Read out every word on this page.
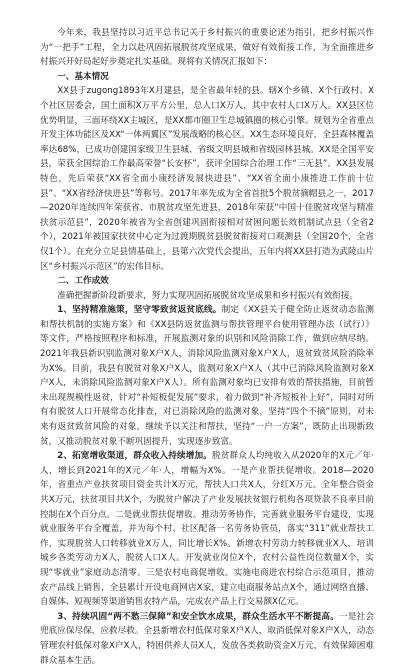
今年来，我县坚持以习近平总书记关于乡村振兴的重要论述为指引，把乡村振兴作为“一把手”工程，全力以赴巩固拓展脱贫攻坚成果，做好有效衔接工作，为全面推进乡村振兴开好局起好步奠定扎实基础。现将有关情况汇报如下：

一、基本情况

XX县于zugong1893年X月建县，是全省最年轻的县。辖X个乡镇、X个行政村、X个社区居委会，国土面积X万平方公里，总人口X万人，其中农村人口X万人。XX县区位优势明显，三面环绕XX主城区，是XX都市圈卫生总城镇圈的核心引擎。规划为全省重点开发主体功能区及XX“一体两翼区”发展战略的核心区。XX生态环境良好，全县森林覆盖率达68%，已成功创建国家级卫生县城、省级文明县城和省级园林县城。XX是全国平安县，荣获全国综治工作最高荣誉“长安杯”，获评全国综合治理工作“三无县”。XX县发展特色，先后荣获“XX省全面小康经济发展快进县”、“XX省全面小康推进工作前十位县”、“XX省经济快进县”等称号。2017年率先成为全省首批5个脱贫摘帽县之一，2017—2020年连续四年荣获省、市脱贫攻坚先进县，2018年荣获“中国十佳脱贫攻坚与精准扶贫示范县”，2020年被省为全省创建巩固衔接相对贫困问题长效机制试点县（全省2个），2021年被国家扶贫中心定为过渡期脱贫县脱贫衔接对口观测县（全国20个，全省仅1个）。在充分立足县情基础上，县第六次党代会提出，五年内将XX县打造为武陵山片区“乡村振兴示范区”的宏伟目标。

二、工作成效

准确把握新阶段新要求，努力实现巩固拓展脱贫攻坚成果和乡村振兴有效衔接。

1、坚持精准施策，坚守零致贫返贫底线。制定《XX县关于健全防止返贫动态监测和帮扶机制的实施方案》和《XX县防返贫监测与帮扶管理平台使用管理办法（试行）》等文件，严格按照程序和标准，开展监测对象的识别和风险消除工作，做到应纳尽纳。2021年我县新识别监测对象X户X人，消除风险监测对象X户X人，返贫致贫风险消除率为X%。目前，我县有脱贫对象X户X人，监测对象X户X人（其中已消除风险监测对象X户X人，未消除风险监测对象X户X人）。所有监测对象均已安排有效的帮扶措施，目前暂未出现规模性返贫，针对“补短板促发展”要求，着力做到“补齐短板补上好”，同时对所有有脱贫人口开展常态化排查，对已消除风险的监测对象，坚持“四个不摘”原则，对未来有返贫致贫风险的对象，继续予以关注和帮扶，坚持“一户一方案”，既防止出现新致贫，又推动脱贫对象不断巩固提升，实现逐步致富。

2、拓宽增收渠道，群众收入持续增加。脱贫群众人均纯收入从2020年的X元／年·人，增长到2021年的X元／年·人，增幅为X%。一是产业帮扶促增收。2018—2020年，省重点产业扶贫项目资金共计X万元，帮扶人口共X人，分红X万元。全年整合资金共X万元，扶贫项目共X个，为脱贫户解决了产业发展扶贫银行机构各项贷款不良率目前控制在X个百分点。二是就业帮扶促增收。推动劳务协作，完善就业服务平台建设，实现就业服务平台全覆盖，并为每个村、社区配备一名劳务协管员，落实“311”就业帮扶工作，实现脱贫人口转移就业X万人，同比增长X%。新增农村劳动力转移就业X人，培训城乡各类劳动力X人，脱贫人口X人。开发就业岗位X个，农村公益性岗位数量X个，实现“零就业”家庭动态清零。三是农村电商促增收。实施电商进农村综合示范项目，推动农产品线上销售，全县累计开设电商网店X家，建立电商服务站点X个，通过网络直播、自媒体、短视频等渠道销售农特产品，完成农产品上行交易额X亿元。

3、持续巩固“两不愁三保障”和安全饮水成果，群众生活水平不断提高。一是社会兜底应保尽保，应救尽救。全县新增农村低保对象X户X人，取消低保对象X户X人，动态管理农村低保对象X户X人，特困供养人员X人，发放各类救助资金X万元，有效保障困难群众基本生活。
